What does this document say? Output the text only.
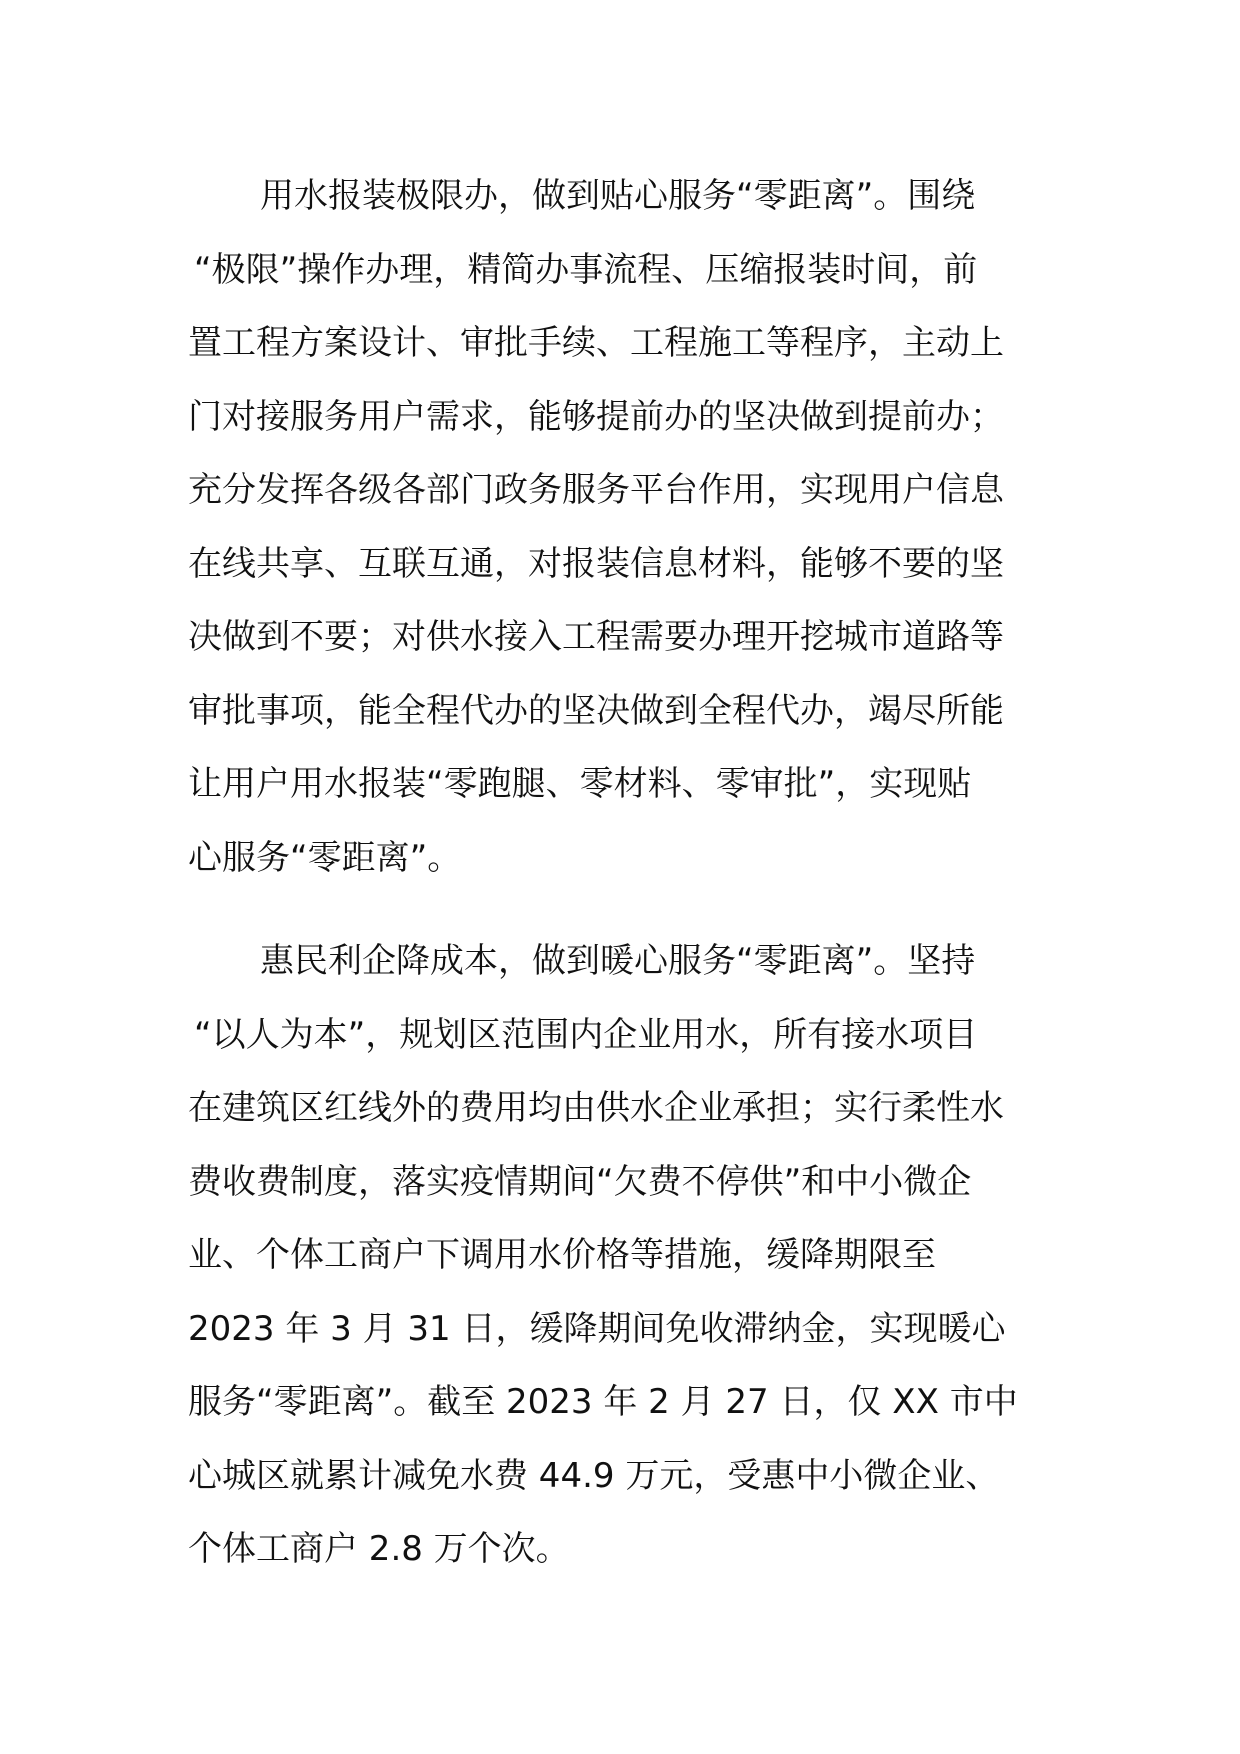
用水报装极限办，做到贴心服务“零距离”。围绕
“极限”操作办理，精简办事流程、压缩报装时间，前
置工程方案设计、审批手续、工程施工等程序，主动上
门对接服务用户需求，能够提前办的坚决做到提前办；
充分发挥各级各部门政务服务平台作用，实现用户信息
在线共享、互联互通，对报装信息材料，能够不要的坚
决做到不要；对供水接入工程需要办理开挖城市道路等
审批事项，能全程代办的坚决做到全程代办，竭尽所能
让用户用水报装“零跑腿、零材料、零审批”，实现贴
心服务“零距离”。
惠民利企降成本，做到暖心服务“零距离”。坚持
“以人为本”，规划区范围内企业用水，所有接水项目
在建筑区红线外的费用均由供水企业承担；实行柔性水
费收费制度，落实疫情期间“欠费不停供”和中小微企
业、个体工商户下调用水价格等措施，缓降期限至
2023 年 3 月 31 日，缓降期间免收滞纳金，实现暖心
服务“零距离”。截至 2023 年 2 月 27 日，仅 XX 市中
心城区就累计减免水费 44.9 万元，受惠中小微企业、
个体工商户 2.8 万个次。
